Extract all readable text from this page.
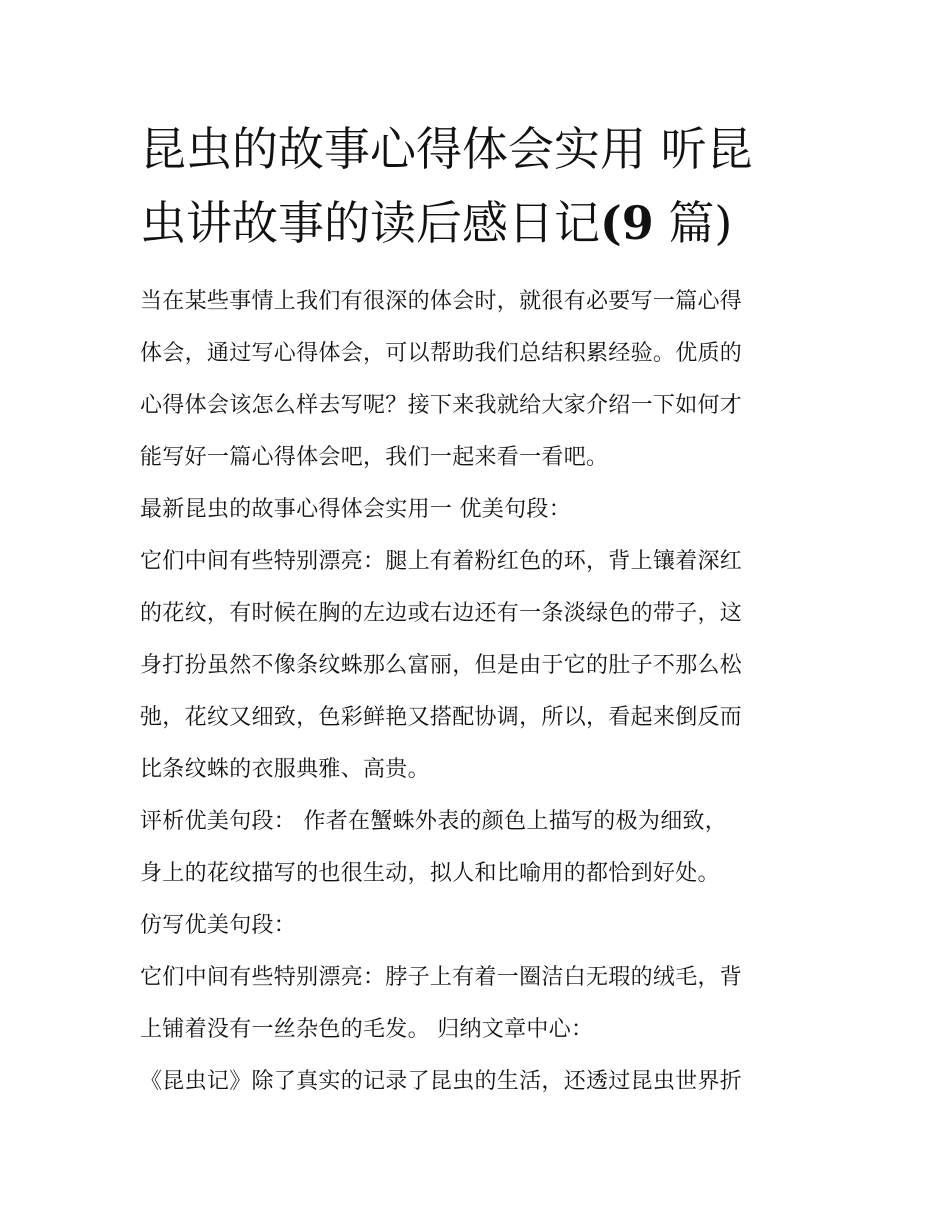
昆虫的故事心得体会实用 听昆
虫讲故事的读后感日记(9 篇)

当在某些事情上我们有很深的体会时，就很有必要写一篇心得
体会，通过写心得体会，可以帮助我们总结积累经验。优质的
心得体会该怎么样去写呢？接下来我就给大家介绍一下如何才
能写好一篇心得体会吧，我们一起来看一看吧。

最新昆虫的故事心得体会实用一 优美句段：

它们中间有些特别漂亮：腿上有着粉红色的环，背上镶着深红
的花纹，有时候在胸的左边或右边还有一条淡绿色的带子，这
身打扮虽然不像条纹蛛那么富丽，但是由于它的肚子不那么松
弛，花纹又细致，色彩鲜艳又搭配协调，所以，看起来倒反而
比条纹蛛的衣服典雅、高贵。

评析优美句段： 作者在蟹蛛外表的颜色上描写的极为细致，

身上的花纹描写的也很生动，拟人和比喻用的都恰到好处。

仿写优美句段：

它们中间有些特别漂亮：脖子上有着一圈洁白无瑕的绒毛，背

上铺着没有一丝杂色的毛发。 归纳文章中心：

《昆虫记》除了真实的记录了昆虫的生活，还透过昆虫世界折
